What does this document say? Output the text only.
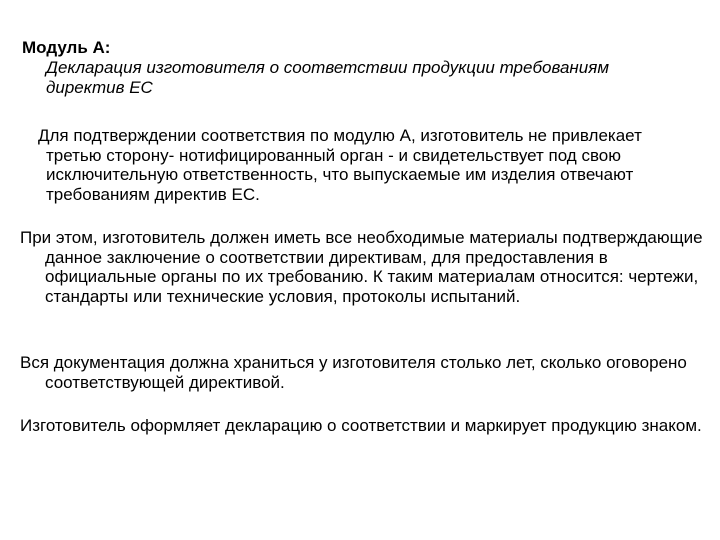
Модуль А:
Декларация изготовителя о соответствии продукции требованиям директив ЕС

Для подтверждении соответствия по модулю А, изготовитель не привлекает третью сторону- нотифицированный орган - и свидетельствует под свою исключительную ответственность, что выпускаемые им изделия отвечают требованиям директив ЕС.

При этом, изготовитель должен иметь все необходимые материалы подтверждающие данное заключение о соответствии директивам, для предоставления в официальные органы по их требованию. К таким материалам относится: чертежи, стандарты или технические условия, протоколы испытаний.

Вся документация должна храниться у изготовителя столько лет, сколько оговорено соответствующей директивой.

Изготовитель оформляет декларацию о соответствии и маркирует продукцию знаком.
